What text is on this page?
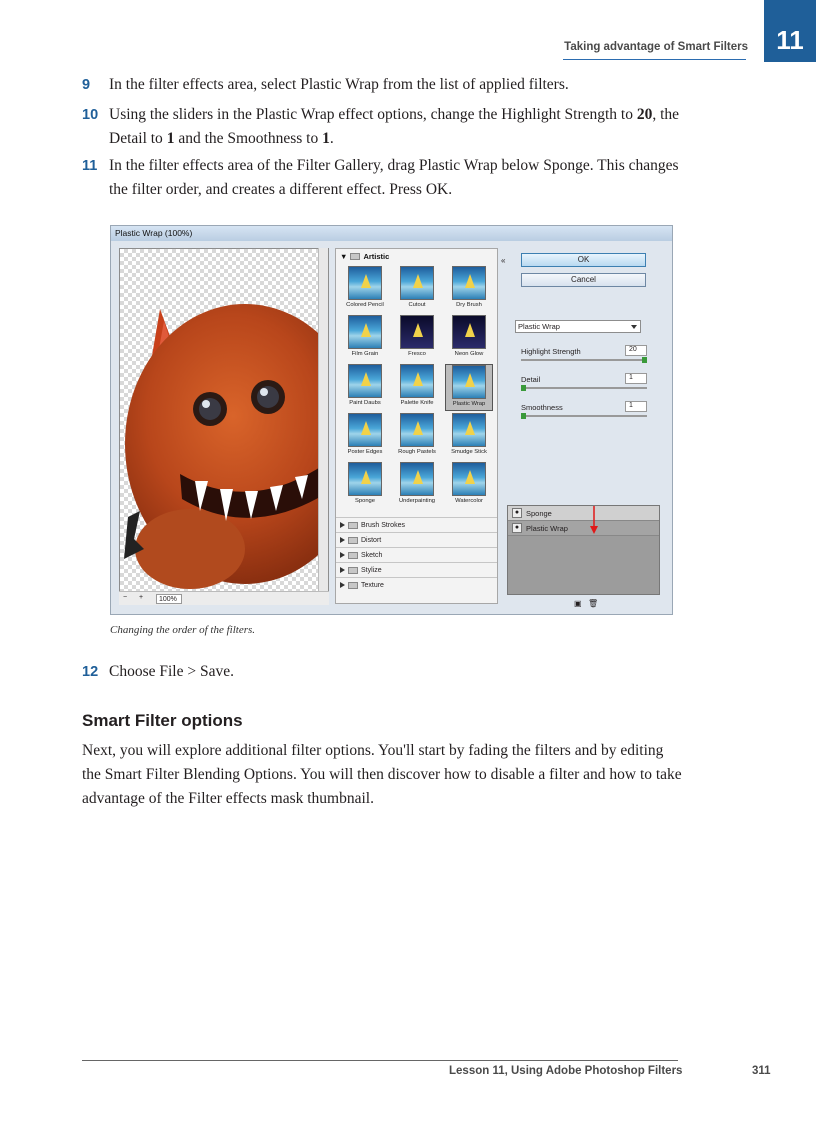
Taking advantage of Smart Filters	11
9 In the filter effects area, select Plastic Wrap from the list of applied filters.
10 Using the sliders in the Plastic Wrap effect options, change the Highlight Strength to 20, the Detail to 1 and the Smoothness to 1.
11 In the filter effects area of the Filter Gallery, drag Plastic Wrap below Sponge. This changes the filter order, and creates a different effect. Press OK.
Plastic Wrap (100%)
− +	100%
▼ Artistic
Colored Pencil	Cutout	Dry Brush
Film Grain	Fresco	Neon Glow
Paint Daubs	Palette Knife	Plastic Wrap
Poster Edges	Rough Pastels	Smudge Stick
Sponge	Underpainting	Watercolor
Brush Strokes
Distort
Sketch
Stylize
Texture
«	OK
Cancel
Plastic Wrap
Highlight Strength	20
Detail	1
Smoothness	1
● Sponge
● Plastic Wrap
▣ 🗑
Changing the order of the filters.
12 Choose File > Save.
Smart Filter options
Next, you will explore additional filter options. You'll start by fading the filters and by editing the Smart Filter Blending Options. You will then discover how to disable a filter and how to take advantage of the Filter effects mask thumbnail.
Lesson 11, Using Adobe Photoshop Filters	311
